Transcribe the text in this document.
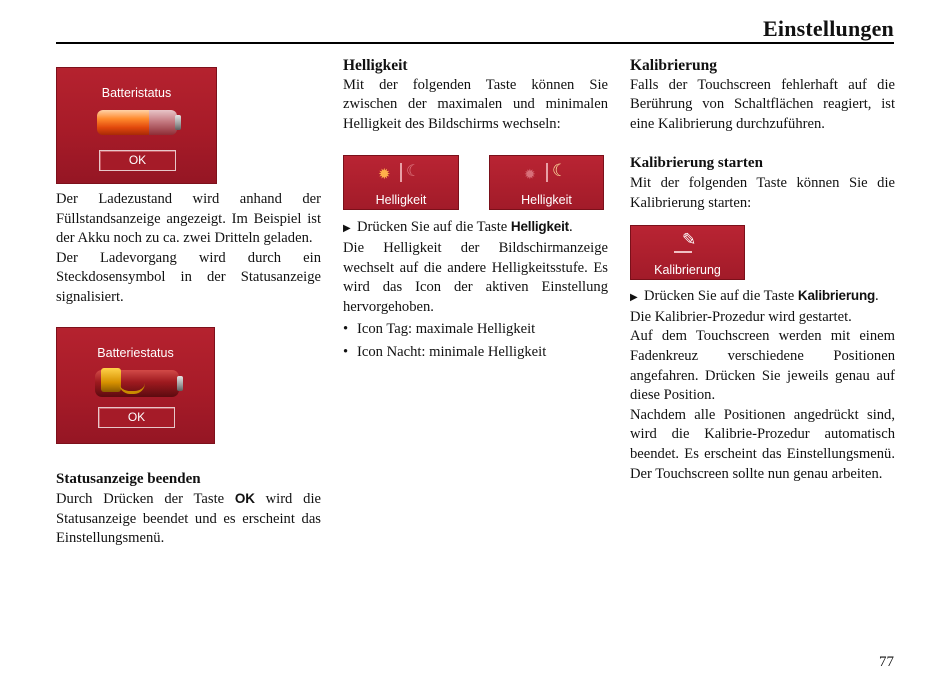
Einstellungen
Batteristatus
OK
Der Ladezustand wird anhand der Füllstandsanzeige angezeigt. Im Beispiel ist der Akku noch zu ca. zwei Dritteln geladen.
Der Ladevorgang wird durch ein Steckdosensymbol in der Statusanzeige signalisiert.
Batteriestatus
OK
Statusanzeige beenden
Durch Drücken der Taste OK wird die Statusanzeige beendet und es erscheint das Einstellungsmenü.
Helligkeit
Mit der folgenden Taste können Sie zwischen der maximalen und minimalen Helligkeit des Bildschirms wechseln:
✹ ☾
Helligkeit
✹ ☾
Helligkeit
▶ Drücken Sie auf die Taste Helligkeit.
Die Helligkeit der Bildschirmanzeige wechselt auf die andere Helligkeitsstufe. Es wird das Icon der aktiven Einstellung hervorgehoben.
• Icon Tag: maximale Helligkeit
• Icon Nacht: minimale Helligkeit
Kalibrierung
Falls der Touchscreen fehlerhaft auf die Berührung von Schaltflächen reagiert, ist eine Kalibrierung durchzuführen.
Kalibrierung starten
Mit der folgenden Taste können Sie die Kalibrierung starten:
✎
Kalibrierung
▶ Drücken Sie auf die Taste Kalibrierung.
Die Kalibrier-Prozedur wird gestartet.
Auf dem Touchscreen werden mit einem Fadenkreuz verschiedene Positionen angefahren. Drücken Sie jeweils genau auf diese Position.
Nachdem alle Positionen angedrückt sind, wird die Kalibrie-Prozedur automatisch beendet. Es erscheint das Einstellungsmenü. Der Touchscreen sollte nun genau arbeiten.
77
